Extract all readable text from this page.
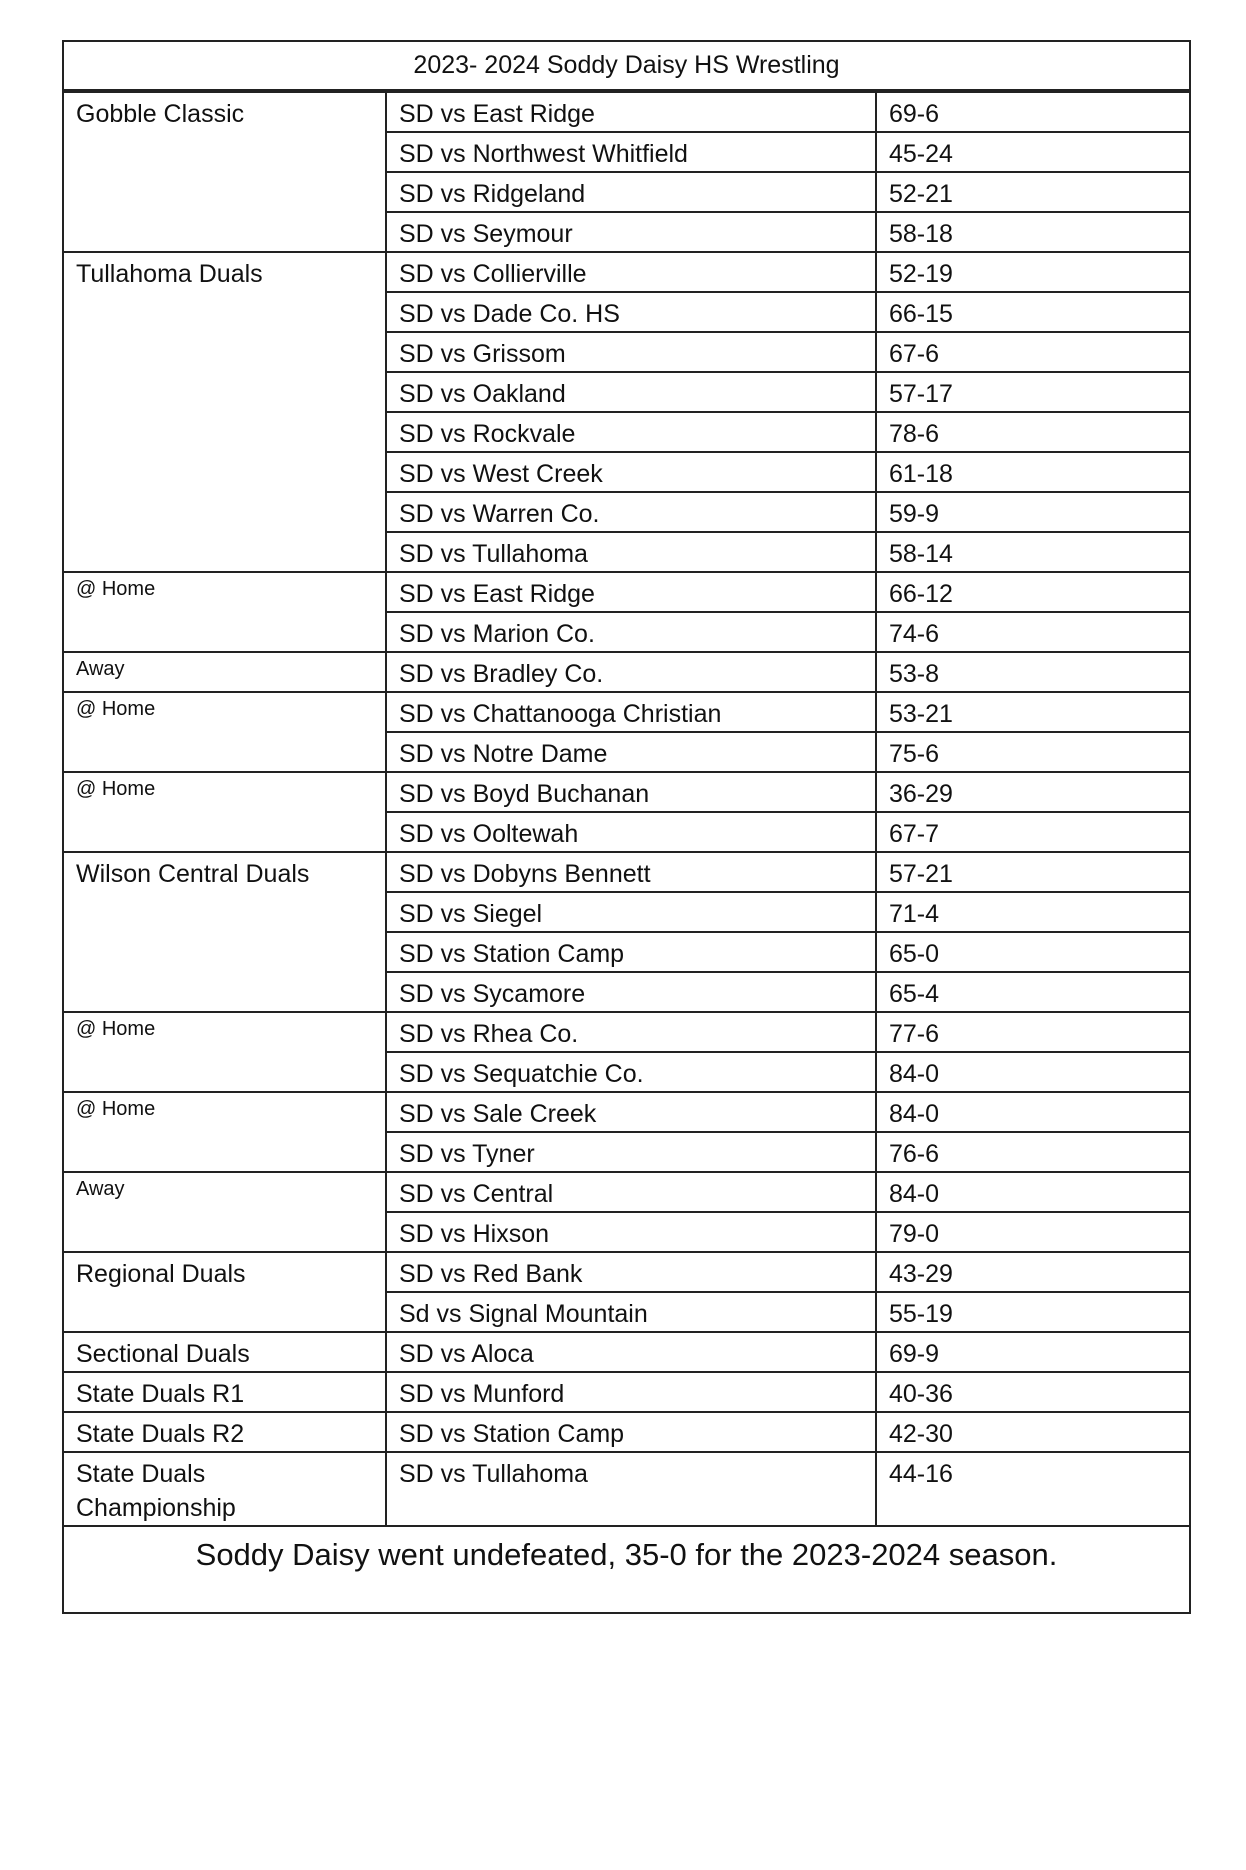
2023- 2024 Soddy Daisy HS Wrestling
Gobble Classic	SD vs East Ridge	69-6
	SD vs Northwest Whitfield	45-24
	SD vs Ridgeland	52-21
	SD vs Seymour	58-18
Tullahoma Duals	SD vs Collierville	52-19
	SD vs Dade Co. HS	66-15
	SD vs Grissom	67-6
	SD vs Oakland	57-17
	SD vs Rockvale	78-6
	SD vs West Creek	61-18
	SD vs Warren Co.	59-9
	SD vs Tullahoma	58-14
@ Home	SD vs East Ridge	66-12
	SD vs Marion Co.	74-6
Away	SD vs Bradley Co.	53-8
@ Home	SD vs Chattanooga Christian	53-21
	SD vs Notre Dame	75-6
@ Home	SD vs Boyd Buchanan	36-29
	SD vs Ooltewah	67-7
Wilson Central Duals	SD vs Dobyns Bennett	57-21
	SD vs Siegel	71-4
	SD vs Station Camp	65-0
	SD vs Sycamore	65-4
@ Home	SD vs Rhea Co.	77-6
	SD vs Sequatchie Co.	84-0
@ Home	SD vs Sale Creek	84-0
	SD vs Tyner	76-6
Away	SD vs Central	84-0
	SD vs Hixson	79-0
Regional Duals	SD vs Red Bank	43-29
	Sd vs Signal Mountain	55-19
Sectional Duals	SD vs Aloca	69-9
State Duals R1	SD vs Munford	40-36
State Duals R2	SD vs Station Camp	42-30
State Duals
Championship	SD vs Tullahoma	44-16
Soddy Daisy went undefeated, 35-0 for the 2023-2024 season.
